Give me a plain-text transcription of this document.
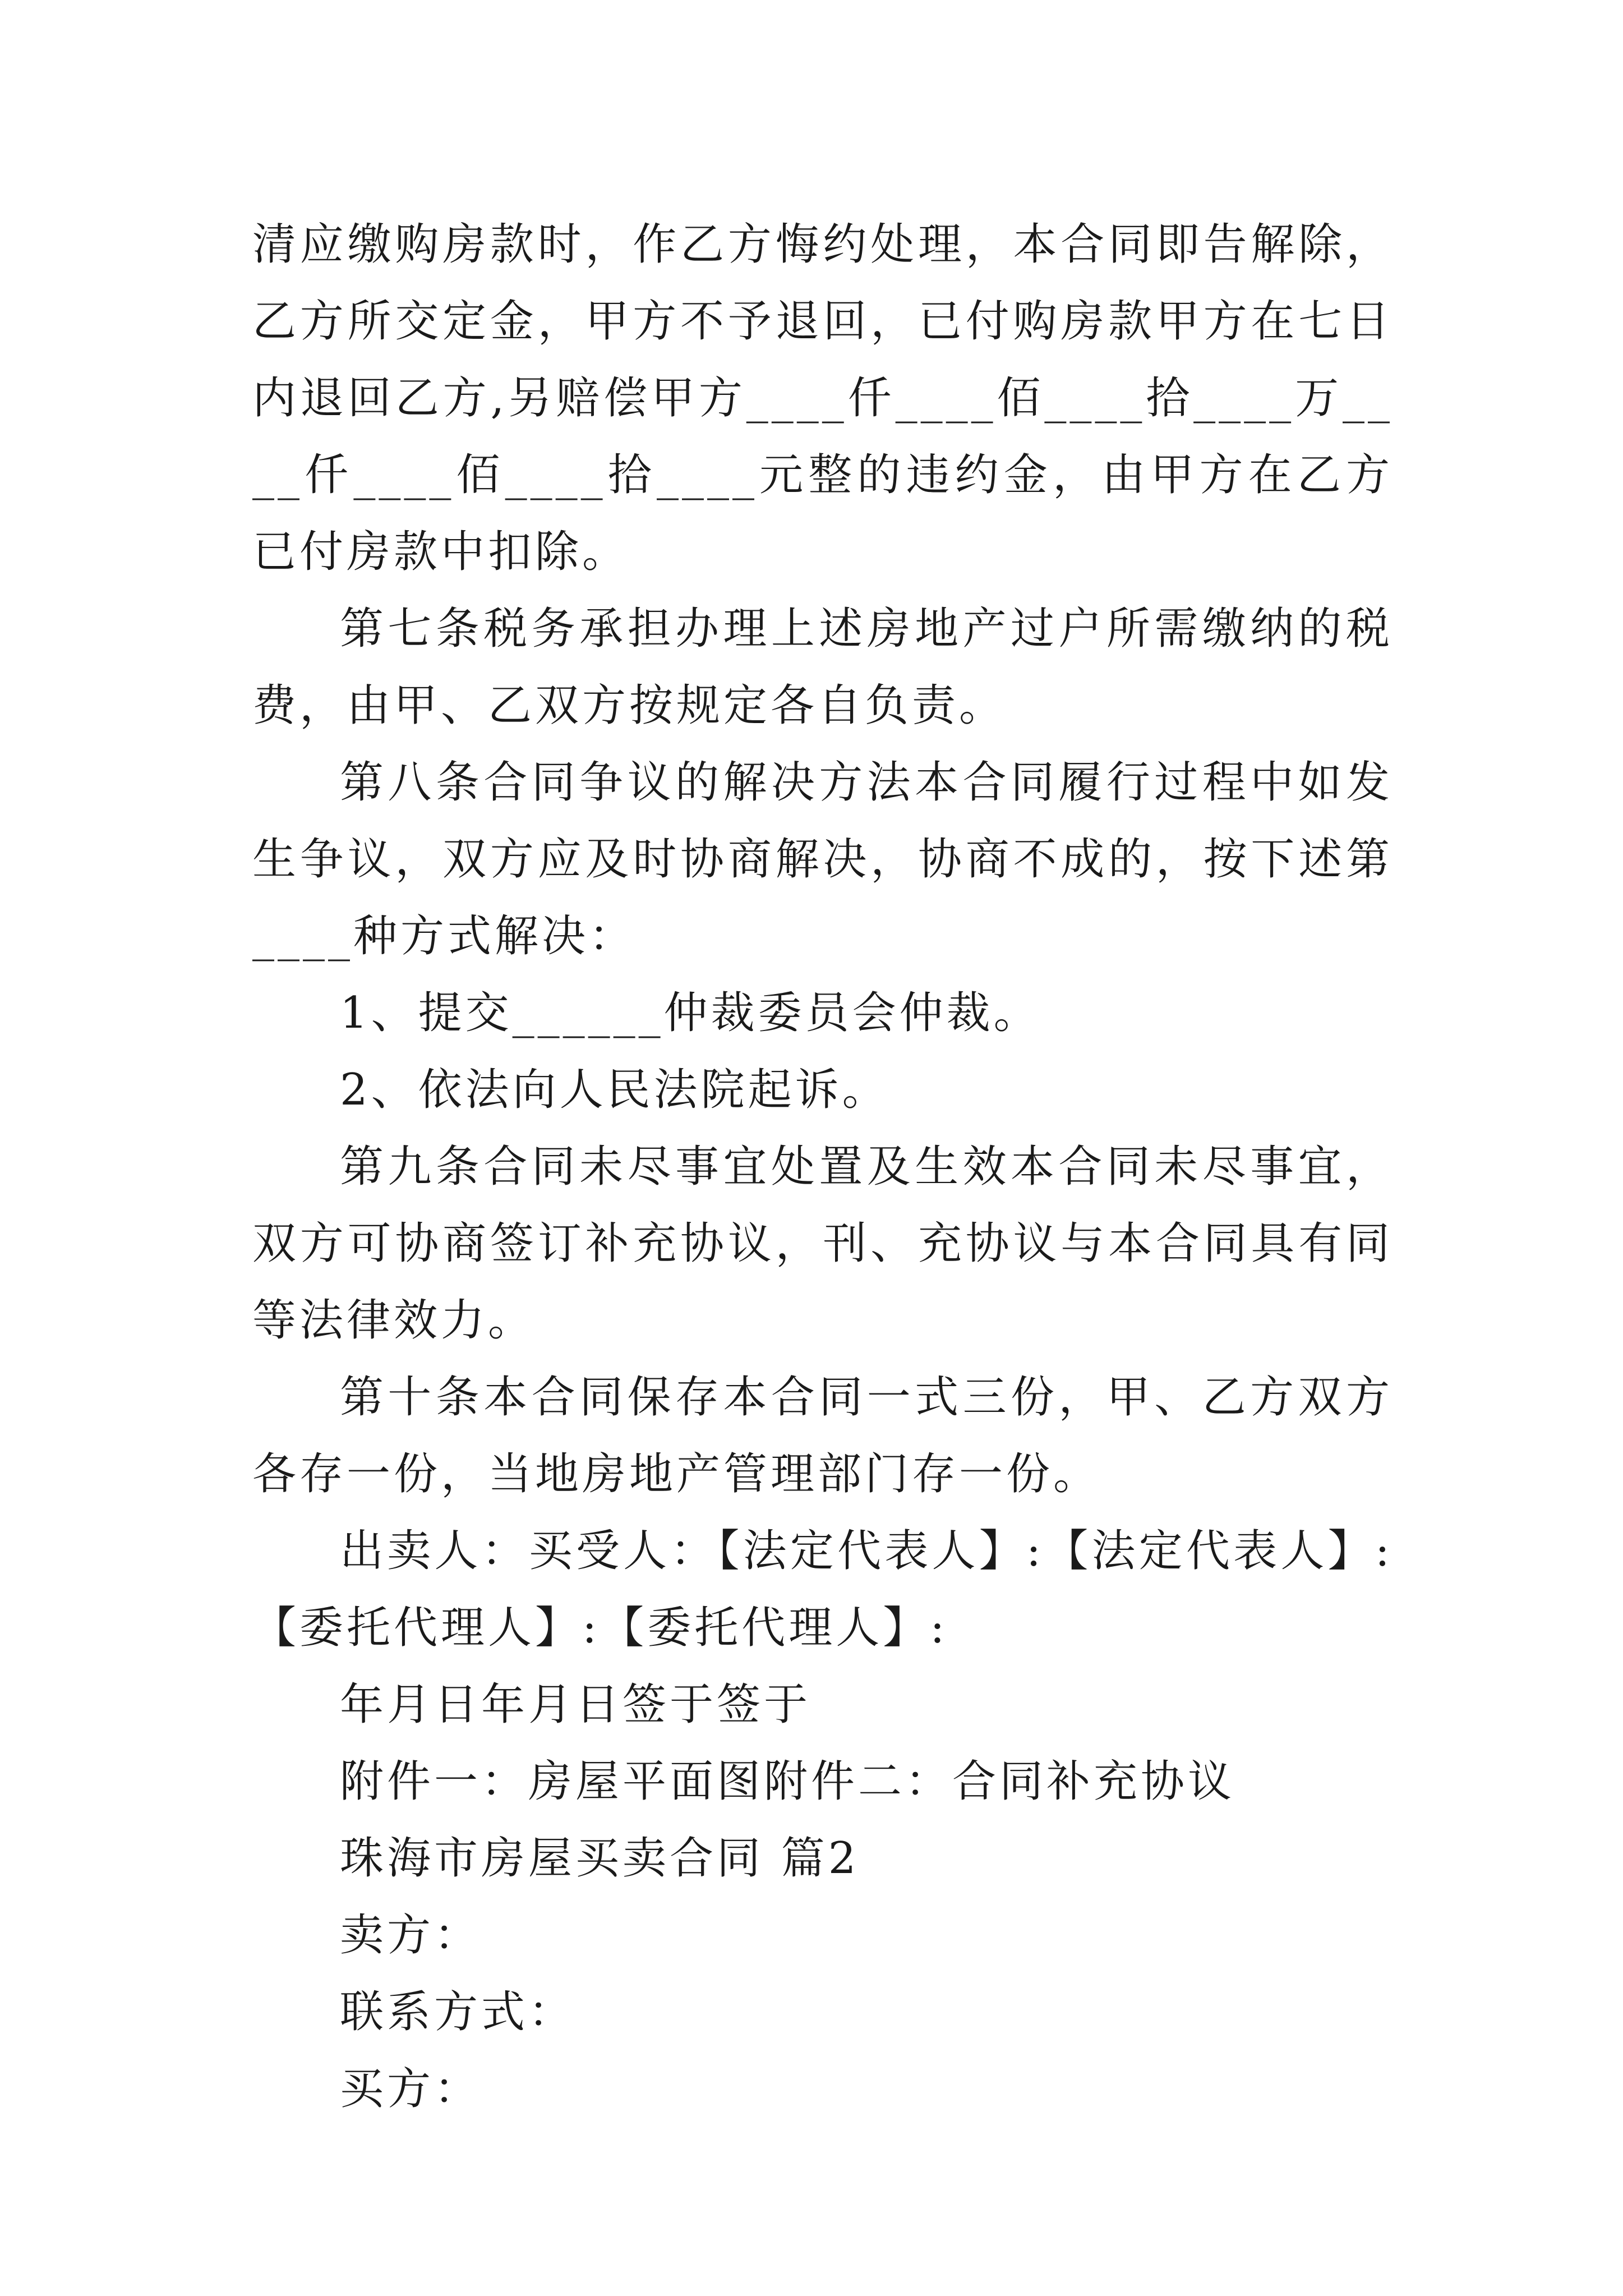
清应缴购房款时，作乙方悔约处理，本合同即告解除，乙方所交定金，甲方不予退回，已付购房款甲方在七日内退回乙方,另赔偿甲方____仟____佰____拾____万____仟____佰____拾____元整的违约金，由甲方在乙方已付房款中扣除。

第七条税务承担办理上述房地产过户所需缴纳的税费，由甲、乙双方按规定各自负责。

第八条合同争议的解决方法本合同履行过程中如发生争议，双方应及时协商解决，协商不成的，按下述第____种方式解决：

1、提交______仲裁委员会仲裁。

2、依法向人民法院起诉。

第九条合同未尽事宜处置及生效本合同未尽事宜，双方可协商签订补充协议，刊、充协议与本合同具有同等法律效力。

第十条本合同保存本合同一式三份，甲、乙方双方各存一份，当地房地产管理部门存一份。

出卖人：买受人：【法定代表人】:【法定代表人】:【委托代理人】:【委托代理人】:

年月日年月日签于签于

附件一：房屋平面图附件二：合同补充协议

珠海市房屋买卖合同 篇2

卖方：

联系方式：

买方：
